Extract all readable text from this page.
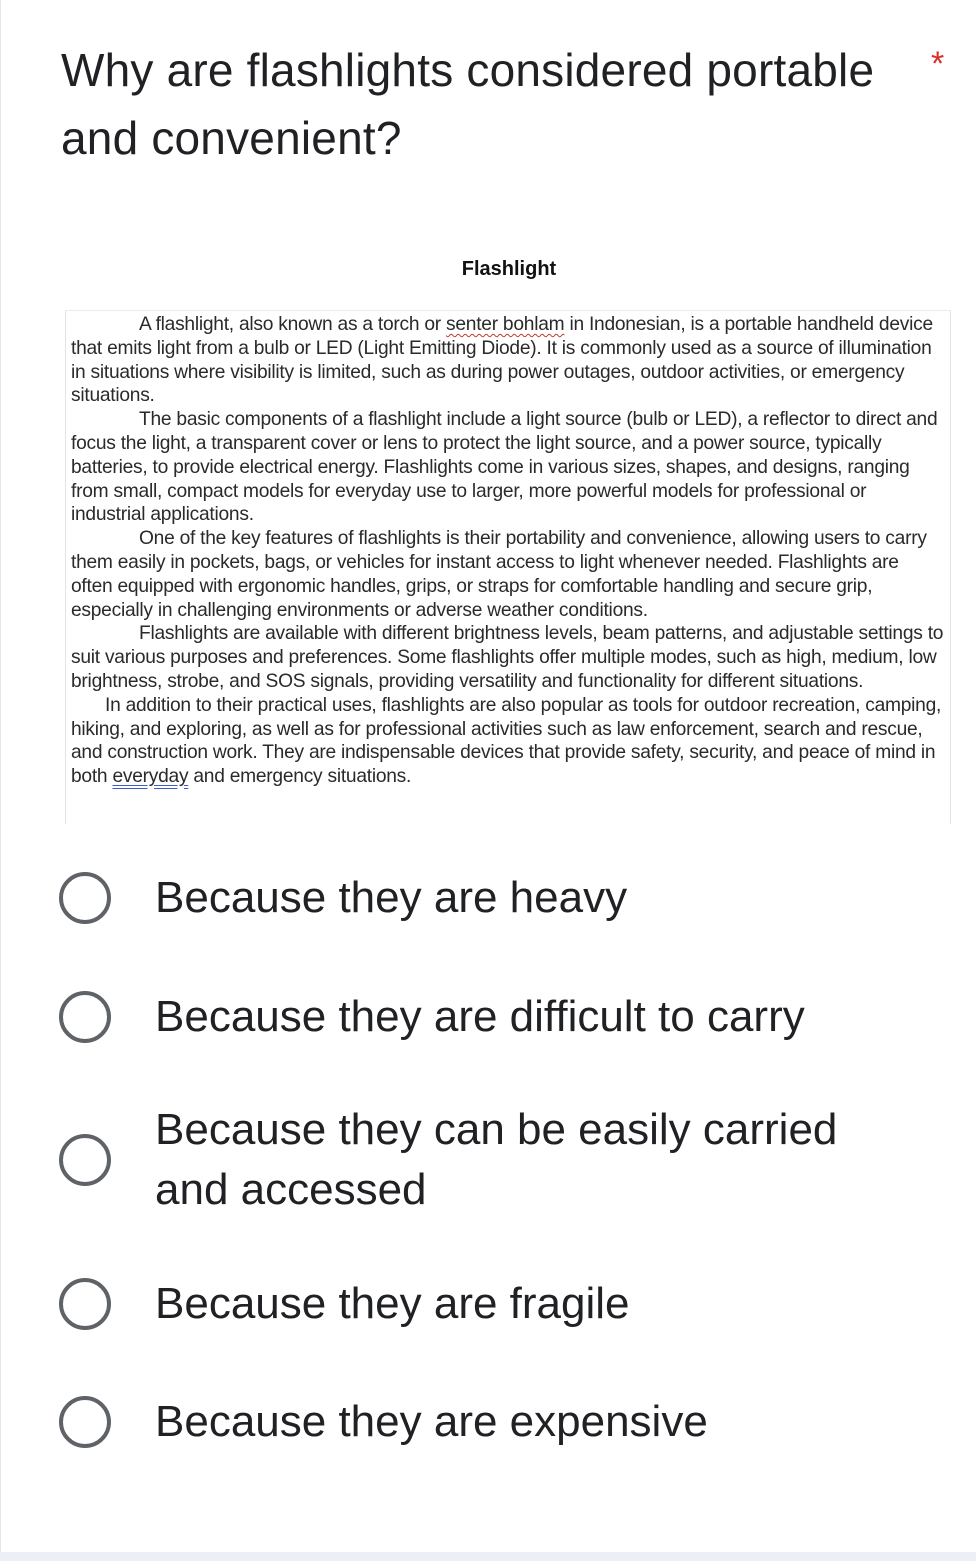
Why are flashlights considered portable and convenient?
*
Flashlight

A flashlight, also known as a torch or senter bohlam in Indonesian, is a portable handheld device that emits light from a bulb or LED (Light Emitting Diode). It is commonly used as a source of illumination in situations where visibility is limited, such as during power outages, outdoor activities, or emergency situations.

The basic components of a flashlight include a light source (bulb or LED), a reflector to direct and focus the light, a transparent cover or lens to protect the light source, and a power source, typically batteries, to provide electrical energy. Flashlights come in various sizes, shapes, and designs, ranging from small, compact models for everyday use to larger, more powerful models for professional or industrial applications.

One of the key features of flashlights is their portability and convenience, allowing users to carry them easily in pockets, bags, or vehicles for instant access to light whenever needed. Flashlights are often equipped with ergonomic handles, grips, or straps for comfortable handling and secure grip, especially in challenging environments or adverse weather conditions.

Flashlights are available with different brightness levels, beam patterns, and adjustable settings to suit various purposes and preferences. Some flashlights offer multiple modes, such as high, medium, low brightness, strobe, and SOS signals, providing versatility and functionality for different situations.

In addition to their practical uses, flashlights are also popular as tools for outdoor recreation, camping, hiking, and exploring, as well as for professional activities such as law enforcement, search and rescue, and construction work. They are indispensable devices that provide safety, security, and peace of mind in both everyday and emergency situations.

Because they are heavy
Because they are difficult to carry
Because they can be easily carried and accessed
Because they are fragile
Because they are expensive
